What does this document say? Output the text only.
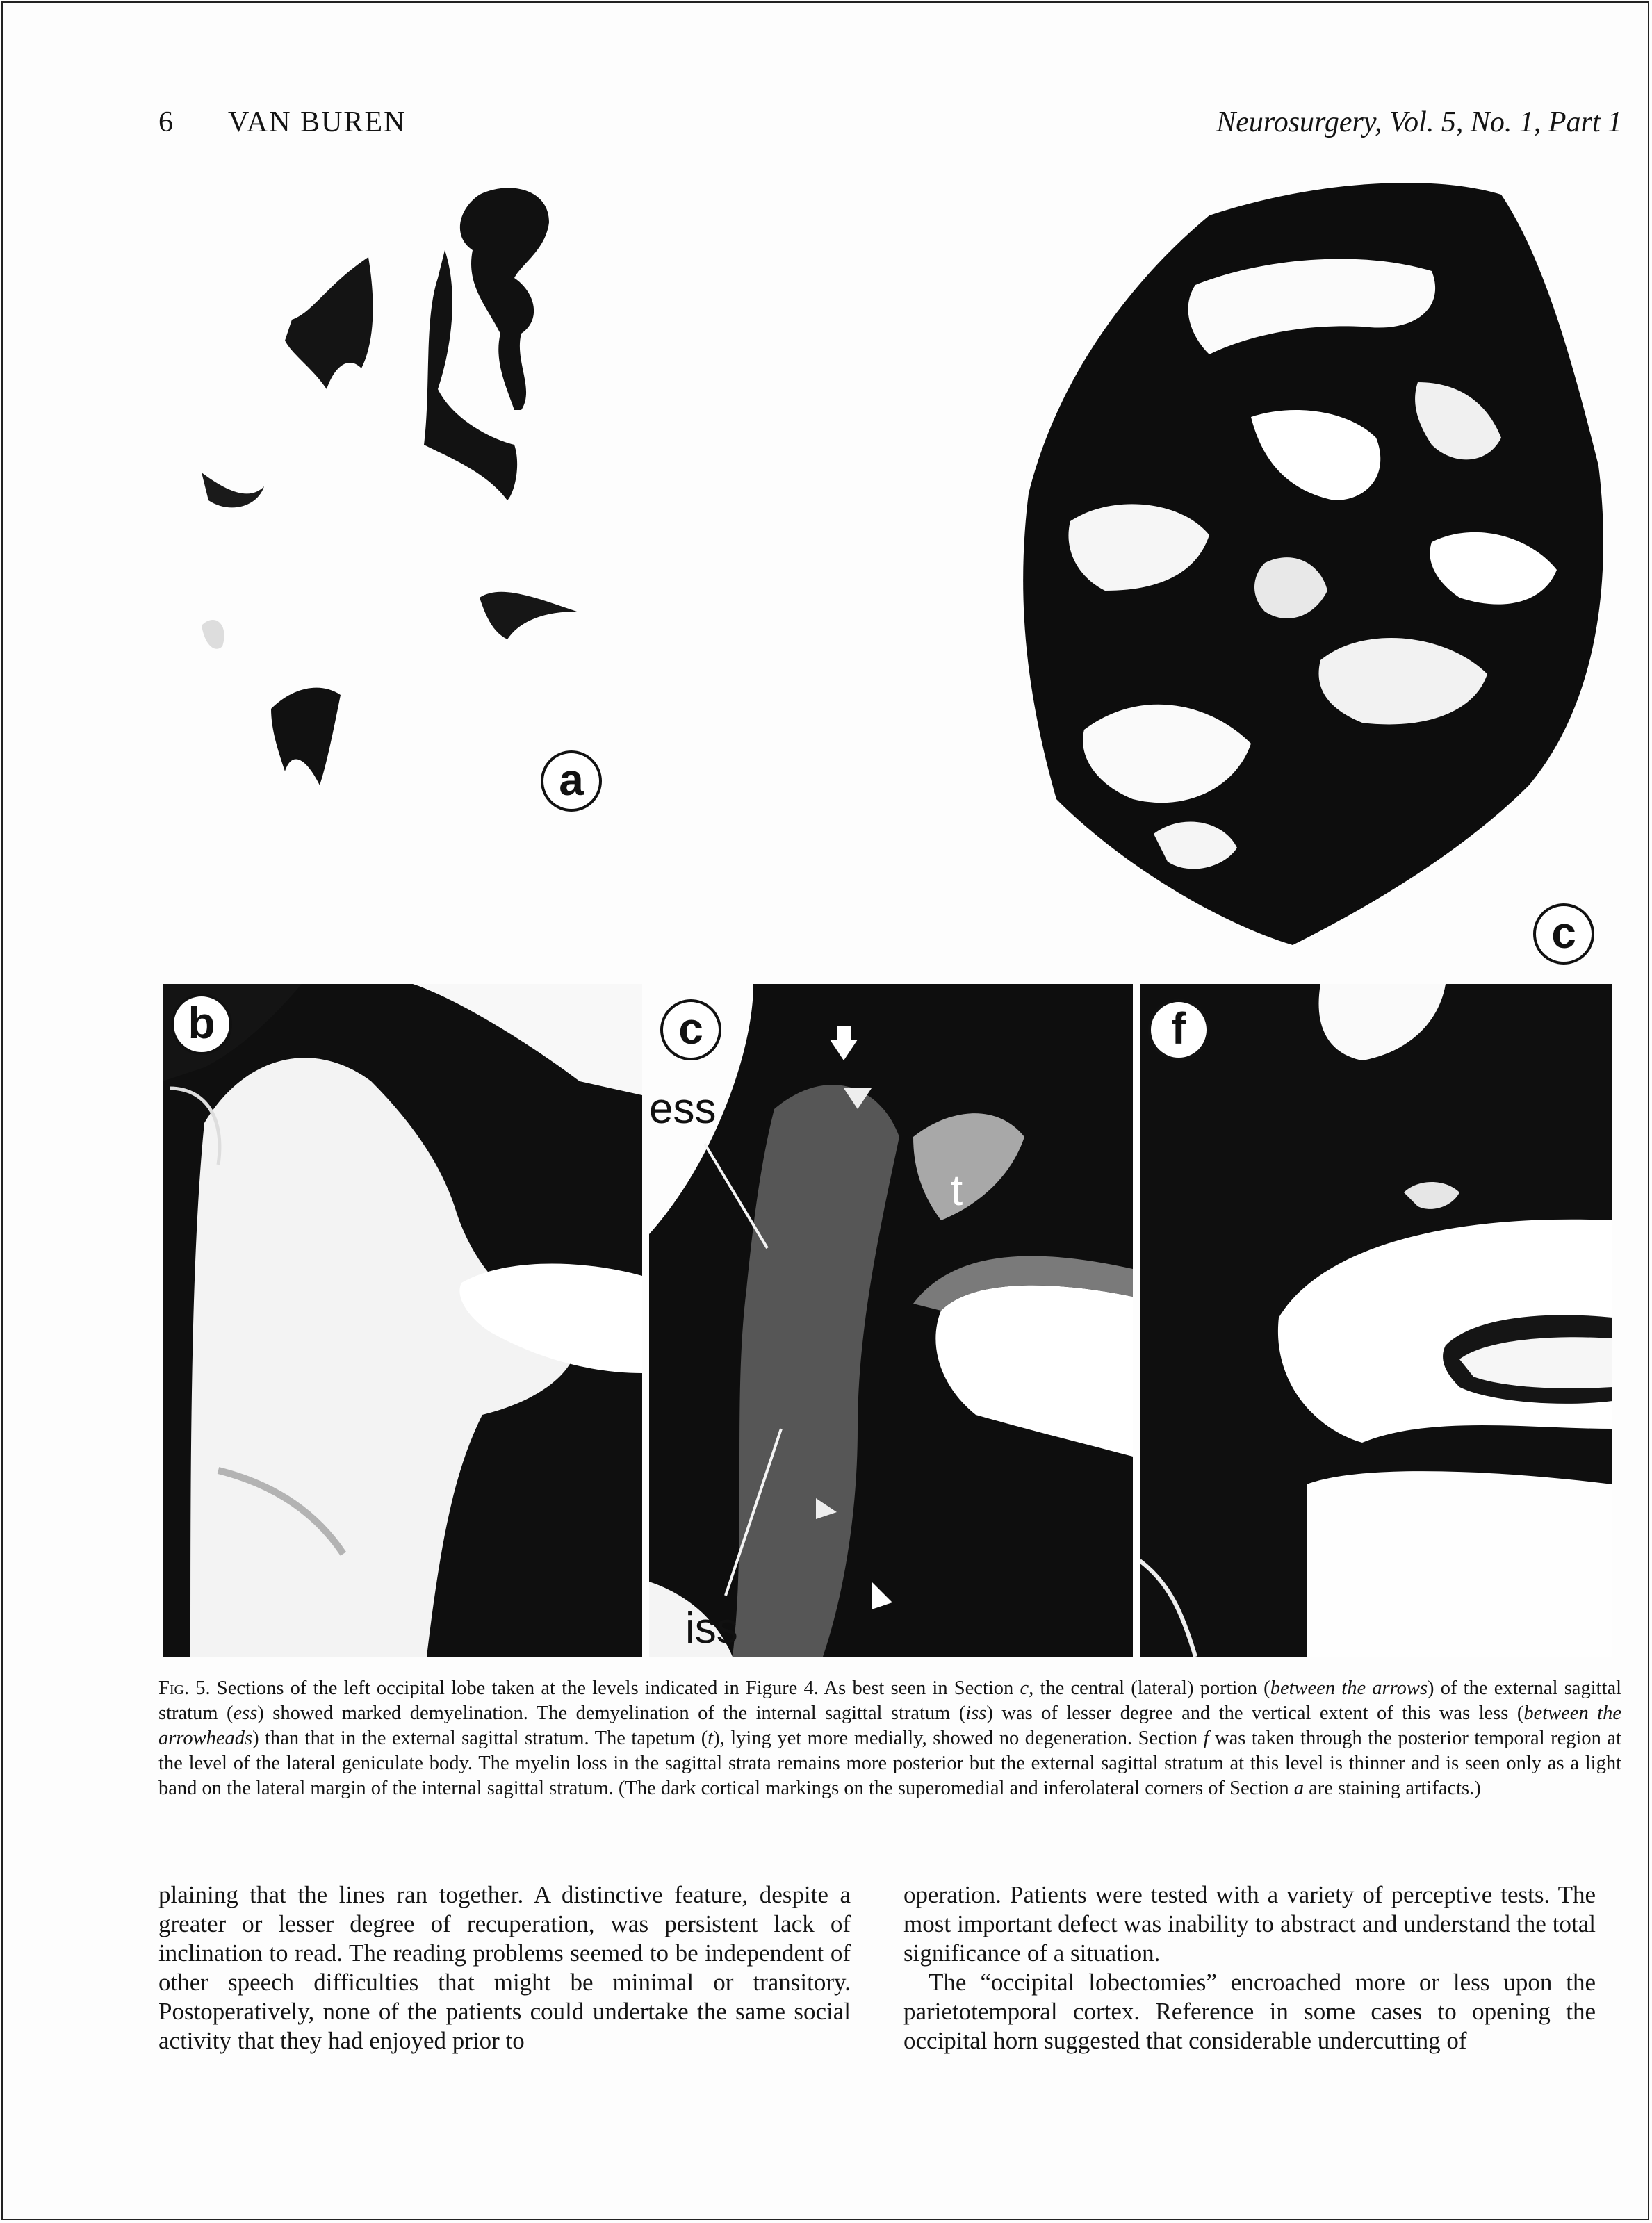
6 VAN BUREN	Neurosurgery, Vol. 5, No. 1, Part 1
a
c
b	c
ess
t
iss
f
Fig. 5. Sections of the left occipital lobe taken at the levels indicated in Figure 4. As best seen in Section c, the central (lateral) portion (between the arrows) of the external sagittal stratum (ess) showed marked demyelination. The demyelination of the internal sagittal stratum (iss) was of lesser degree and the vertical extent of this was less (between the arrowheads) than that in the external sagittal stratum. The tapetum (t), lying yet more medially, showed no degeneration. Section f was taken through the posterior temporal region at the level of the lateral geniculate body. The myelin loss in the sagittal strata remains more posterior but the external sagittal stratum at this level is thinner and is seen only as a light band on the lateral margin of the internal sagittal stratum. (The dark cortical markings on the superomedial and inferolateral corners of Section a are staining artifacts.)

plaining that the lines ran together. A distinctive feature, despite a greater or lesser degree of recuperation, was persistent lack of inclination to read. The reading problems seemed to be independent of other speech difficulties that might be minimal or transitory. Postoperatively, none of the patients could undertake the same social activity that they had enjoyed prior to

operation. Patients were tested with a variety of perceptive tests. The most important defect was inability to abstract and understand the total significance of a situation.

The “occipital lobectomies” encroached more or less upon the parietotemporal cortex. Reference in some cases to opening the occipital horn suggested that considerable undercutting of
